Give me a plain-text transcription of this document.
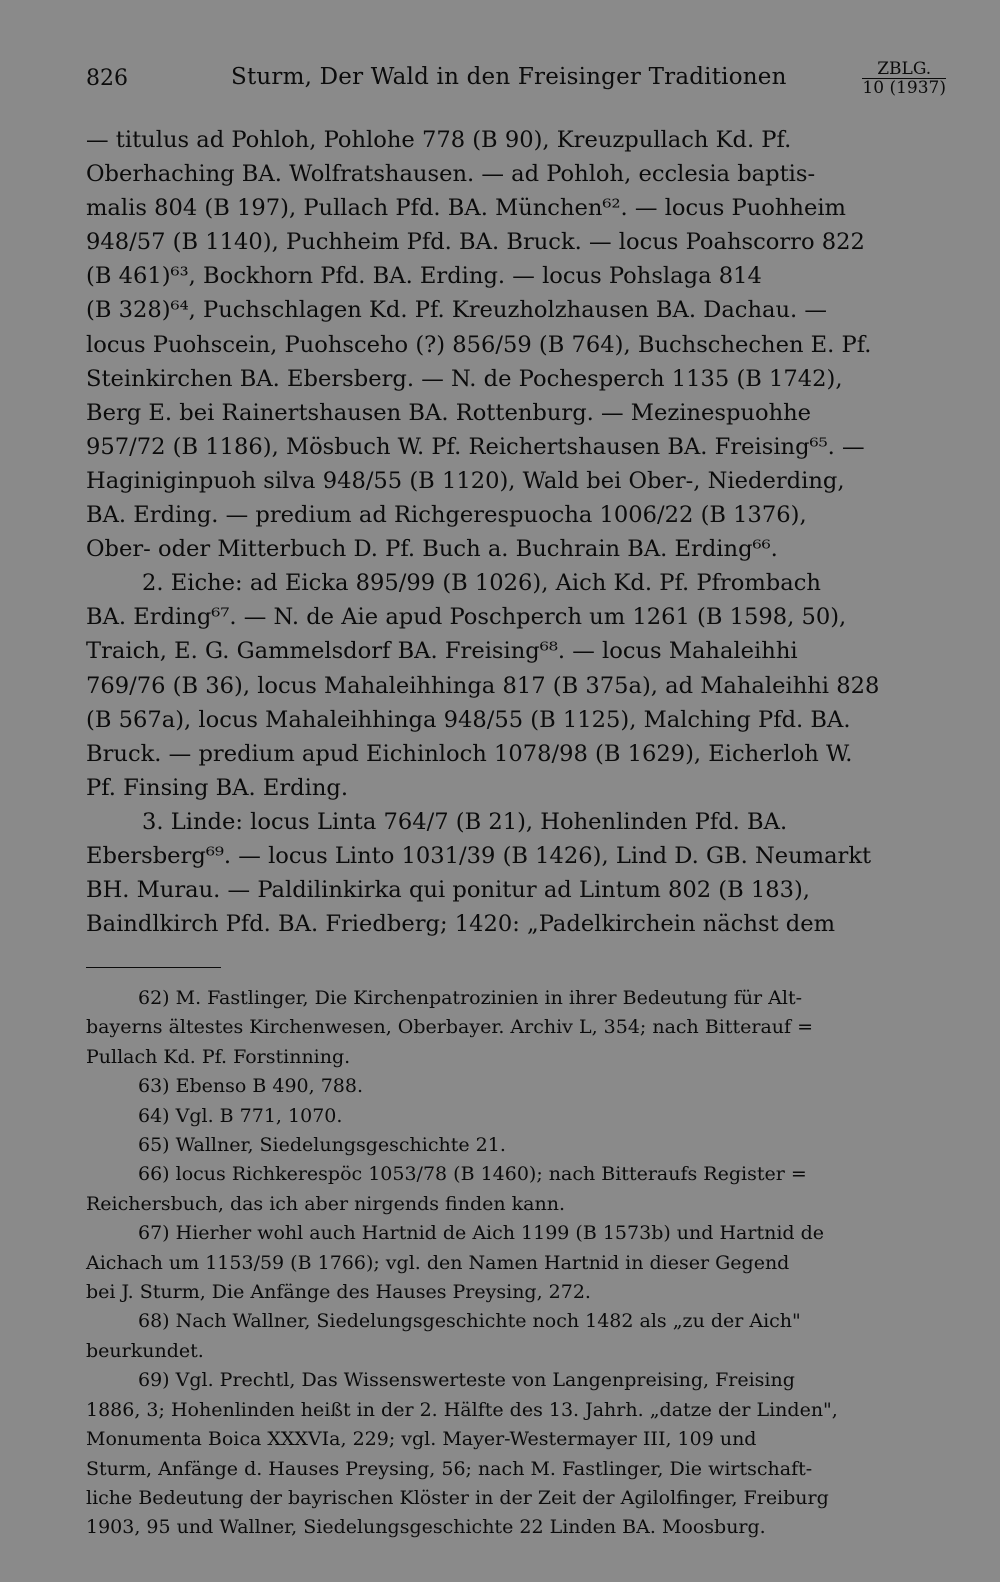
826	Sturm, Der Wald in den Freisinger Traditionen	ZBLG.
10 (1937)

— titulus ad Pohloh, Pohlohe 778 (B 90), Kreuzpullach Kd. Pf.
Oberhaching BA. Wolfratshausen. — ad Pohloh, ecclesia baptis-
malis 804 (B 197), Pullach Pfd. BA. München⁶². — locus Puohheim
948/57 (B 1140), Puchheim Pfd. BA. Bruck. — locus Poahscorro 822
(B 461)⁶³, Bockhorn Pfd. BA. Erding. — locus Pohslaga 814
(B 328)⁶⁴, Puchschlagen Kd. Pf. Kreuzholzhausen BA. Dachau. —
locus Puohscein, Puohsceho (?) 856/59 (B 764), Buchschechen E. Pf.
Steinkirchen BA. Ebersberg. — N. de Pochesperch 1135 (B 1742),
Berg E. bei Rainertshausen BA. Rottenburg. — Mezinespuohhe
957/72 (B 1186), Mösbuch W. Pf. Reichertshausen BA. Freising⁶⁵. —
Haginiginpuoh silva 948/55 (B 1120), Wald bei Ober-, Niederding,
BA. Erding. — predium ad Richgerespuocha 1006/22 (B 1376),
Ober- oder Mitterbuch D. Pf. Buch a. Buchrain BA. Erding⁶⁶.

2. Eiche: ad Eicka 895/99 (B 1026), Aich Kd. Pf. Pfrombach
BA. Erding⁶⁷. — N. de Aie apud Poschperch um 1261 (B 1598, 50),
Traich, E. G. Gammelsdorf BA. Freising⁶⁸. — locus Mahaleihhi
769/76 (B 36), locus Mahaleihhinga 817 (B 375a), ad Mahaleihhi 828
(B 567a), locus Mahaleihhinga 948/55 (B 1125), Malching Pfd. BA.
Bruck. — predium apud Eichinloch 1078/98 (B 1629), Eicherloh W.
Pf. Finsing BA. Erding.

3. Linde: locus Linta 764/7 (B 21), Hohenlinden Pfd. BA.
Ebersberg⁶⁹. — locus Linto 1031/39 (B 1426), Lind D. GB. Neumarkt
BH. Murau. — Paldilinkirka qui ponitur ad Lintum 802 (B 183),
Baindlkirch Pfd. BA. Friedberg; 1420: „Padelkirchein nächst dem

62) M. Fastlinger, Die Kirchenpatrozinien in ihrer Bedeutung für Alt-
bayerns ältestes Kirchenwesen, Oberbayer. Archiv L, 354; nach Bitterauf =
Pullach Kd. Pf. Forstinning.

63) Ebenso B 490, 788.

64) Vgl. B 771, 1070.

65) Wallner, Siedelungsgeschichte 21.

66) locus Richkerespöc 1053/78 (B 1460); nach Bitteraufs Register =
Reichersbuch, das ich aber nirgends finden kann.

67) Hierher wohl auch Hartnid de Aich 1199 (B 1573b) und Hartnid de
Aichach um 1153/59 (B 1766); vgl. den Namen Hartnid in dieser Gegend
bei J. Sturm, Die Anfänge des Hauses Preysing, 272.

68) Nach Wallner, Siedelungsgeschichte noch 1482 als „zu der Aich"
beurkundet.

69) Vgl. Prechtl, Das Wissenswerteste von Langenpreising, Freising
1886, 3; Hohenlinden heißt in der 2. Hälfte des 13. Jahrh. „datze der Linden",
Monumenta Boica XXXVIa, 229; vgl. Mayer-Westermayer III, 109 und
Sturm, Anfänge d. Hauses Preysing, 56; nach M. Fastlinger, Die wirtschaft-
liche Bedeutung der bayrischen Klöster in der Zeit der Agilolfinger, Freiburg
1903, 95 und Wallner, Siedelungsgeschichte 22 Linden BA. Moosburg.
